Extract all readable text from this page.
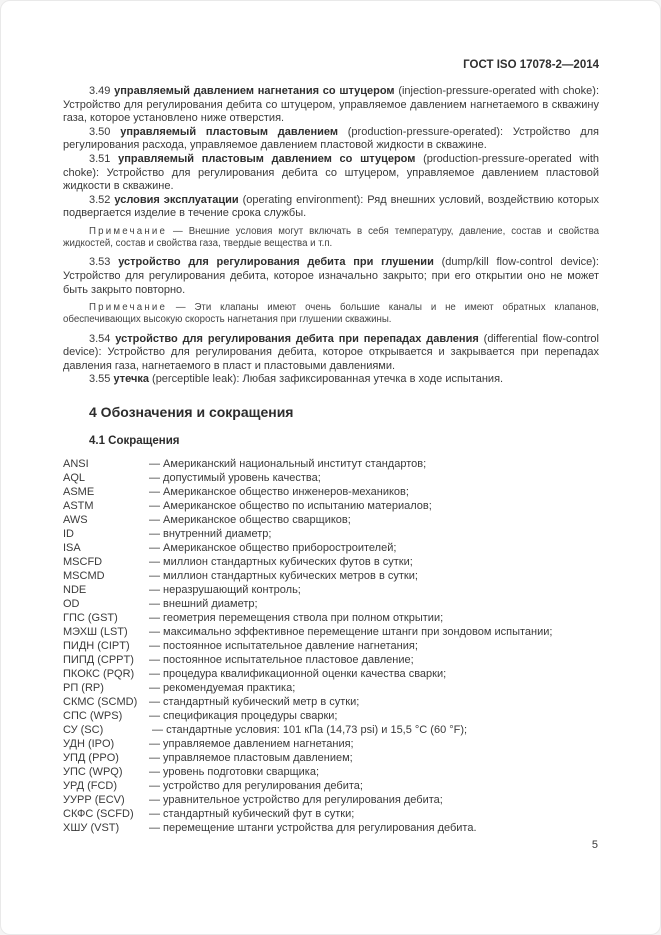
ГОСТ ISO 17078-2—2014

3.49 управляемый давлением нагнетания со штуцером (injection-pressure-operated with choke): Устройство для регулирования дебита со штуцером, управляемое давлением нагнетаемого в скважину газа, которое установлено ниже отверстия.

3.50 управляемый пластовым давлением (production-pressure-operated): Устройство для регулирования расхода, управляемое давлением пластовой жидкости в скважине.

3.51 управляемый пластовым давлением со штуцером (production-pressure-operated with choke): Устройство для регулирования дебита со штуцером, управляемое давлением пластовой жидкости в скважине.

3.52 условия эксплуатации (operating environment): Ряд внешних условий, воздействию которых подвергается изделие в течение срока службы.

Примечание — Внешние условия могут включать в себя температуру, давление, состав и свойства жидкостей, состав и свойства газа, твердые вещества и т.п.

3.53 устройство для регулирования дебита при глушении (dump/kill flow-control device): Устройство для регулирования дебита, которое изначально закрыто; при его открытии оно не может быть закрыто повторно.

Примечание — Эти клапаны имеют очень большие каналы и не имеют обратных клапанов, обеспечивающих высокую скорость нагнетания при глушении скважины.

3.54 устройство для регулирования дебита при перепадах давления (differential flow-control device): Устройство для регулирования дебита, которое открывается и закрывается при перепадах давления газа, нагнетаемого в пласт и пластовыми давлениями.

3.55 утечка (perceptible leak): Любая зафиксированная утечка в ходе испытания.

4 Обозначения и сокращения
4.1 Сокращения
ANSI	— Американский национальный институт стандартов;
AQL	— допустимый уровень качества;
ASME	— Американское общество инженеров-механиков;
ASTM	— Американское общество по испытанию материалов;
AWS	— Американское общество сварщиков;
ID	— внутренний диаметр;
ISA	— Американское общество приборостроителей;
MSCFD	— миллион стандартных кубических футов в сутки;
MSCMD	— миллион стандартных кубических метров в сутки;
NDE	— неразрушающий контроль;
OD	— внешний диаметр;
ГПС (GST)	— геометрия перемещения ствола при полном открытии;
МЭХШ (LST)	— максимально эффективное перемещение штанги при зондовом испытании;
ПИДН (CIPT)	— постоянное испытательное давление нагнетания;
ПИПД (CPPT)	— постоянное испытательное пластовое давление;
ПКОКС (PQR)	— процедура квалификационной оценки качества сварки;
РП (RP)	— рекомендуемая практика;
СКМС (SCMD)	— стандартный кубический метр в сутки;
СПС (WPS)	— спецификация процедуры сварки;
СУ (SC)	— стандартные условия: 101 кПа (14,73 psi) и 15,5 °C (60 °F);
УДН (IPO)	— управляемое давлением нагнетания;
УПД (PPO)	— управляемое пластовым давлением;
УПС (WPQ)	— уровень подготовки сварщика;
УРД (FCD)	— устройство для регулирования дебита;
УУРР (ECV)	— уравнительное устройство для регулирования дебита;
СКФС (SCFD)	— стандартный кубический фут в сутки;
ХШУ (VST)	— перемещение штанги устройства для регулирования дебита.
5
